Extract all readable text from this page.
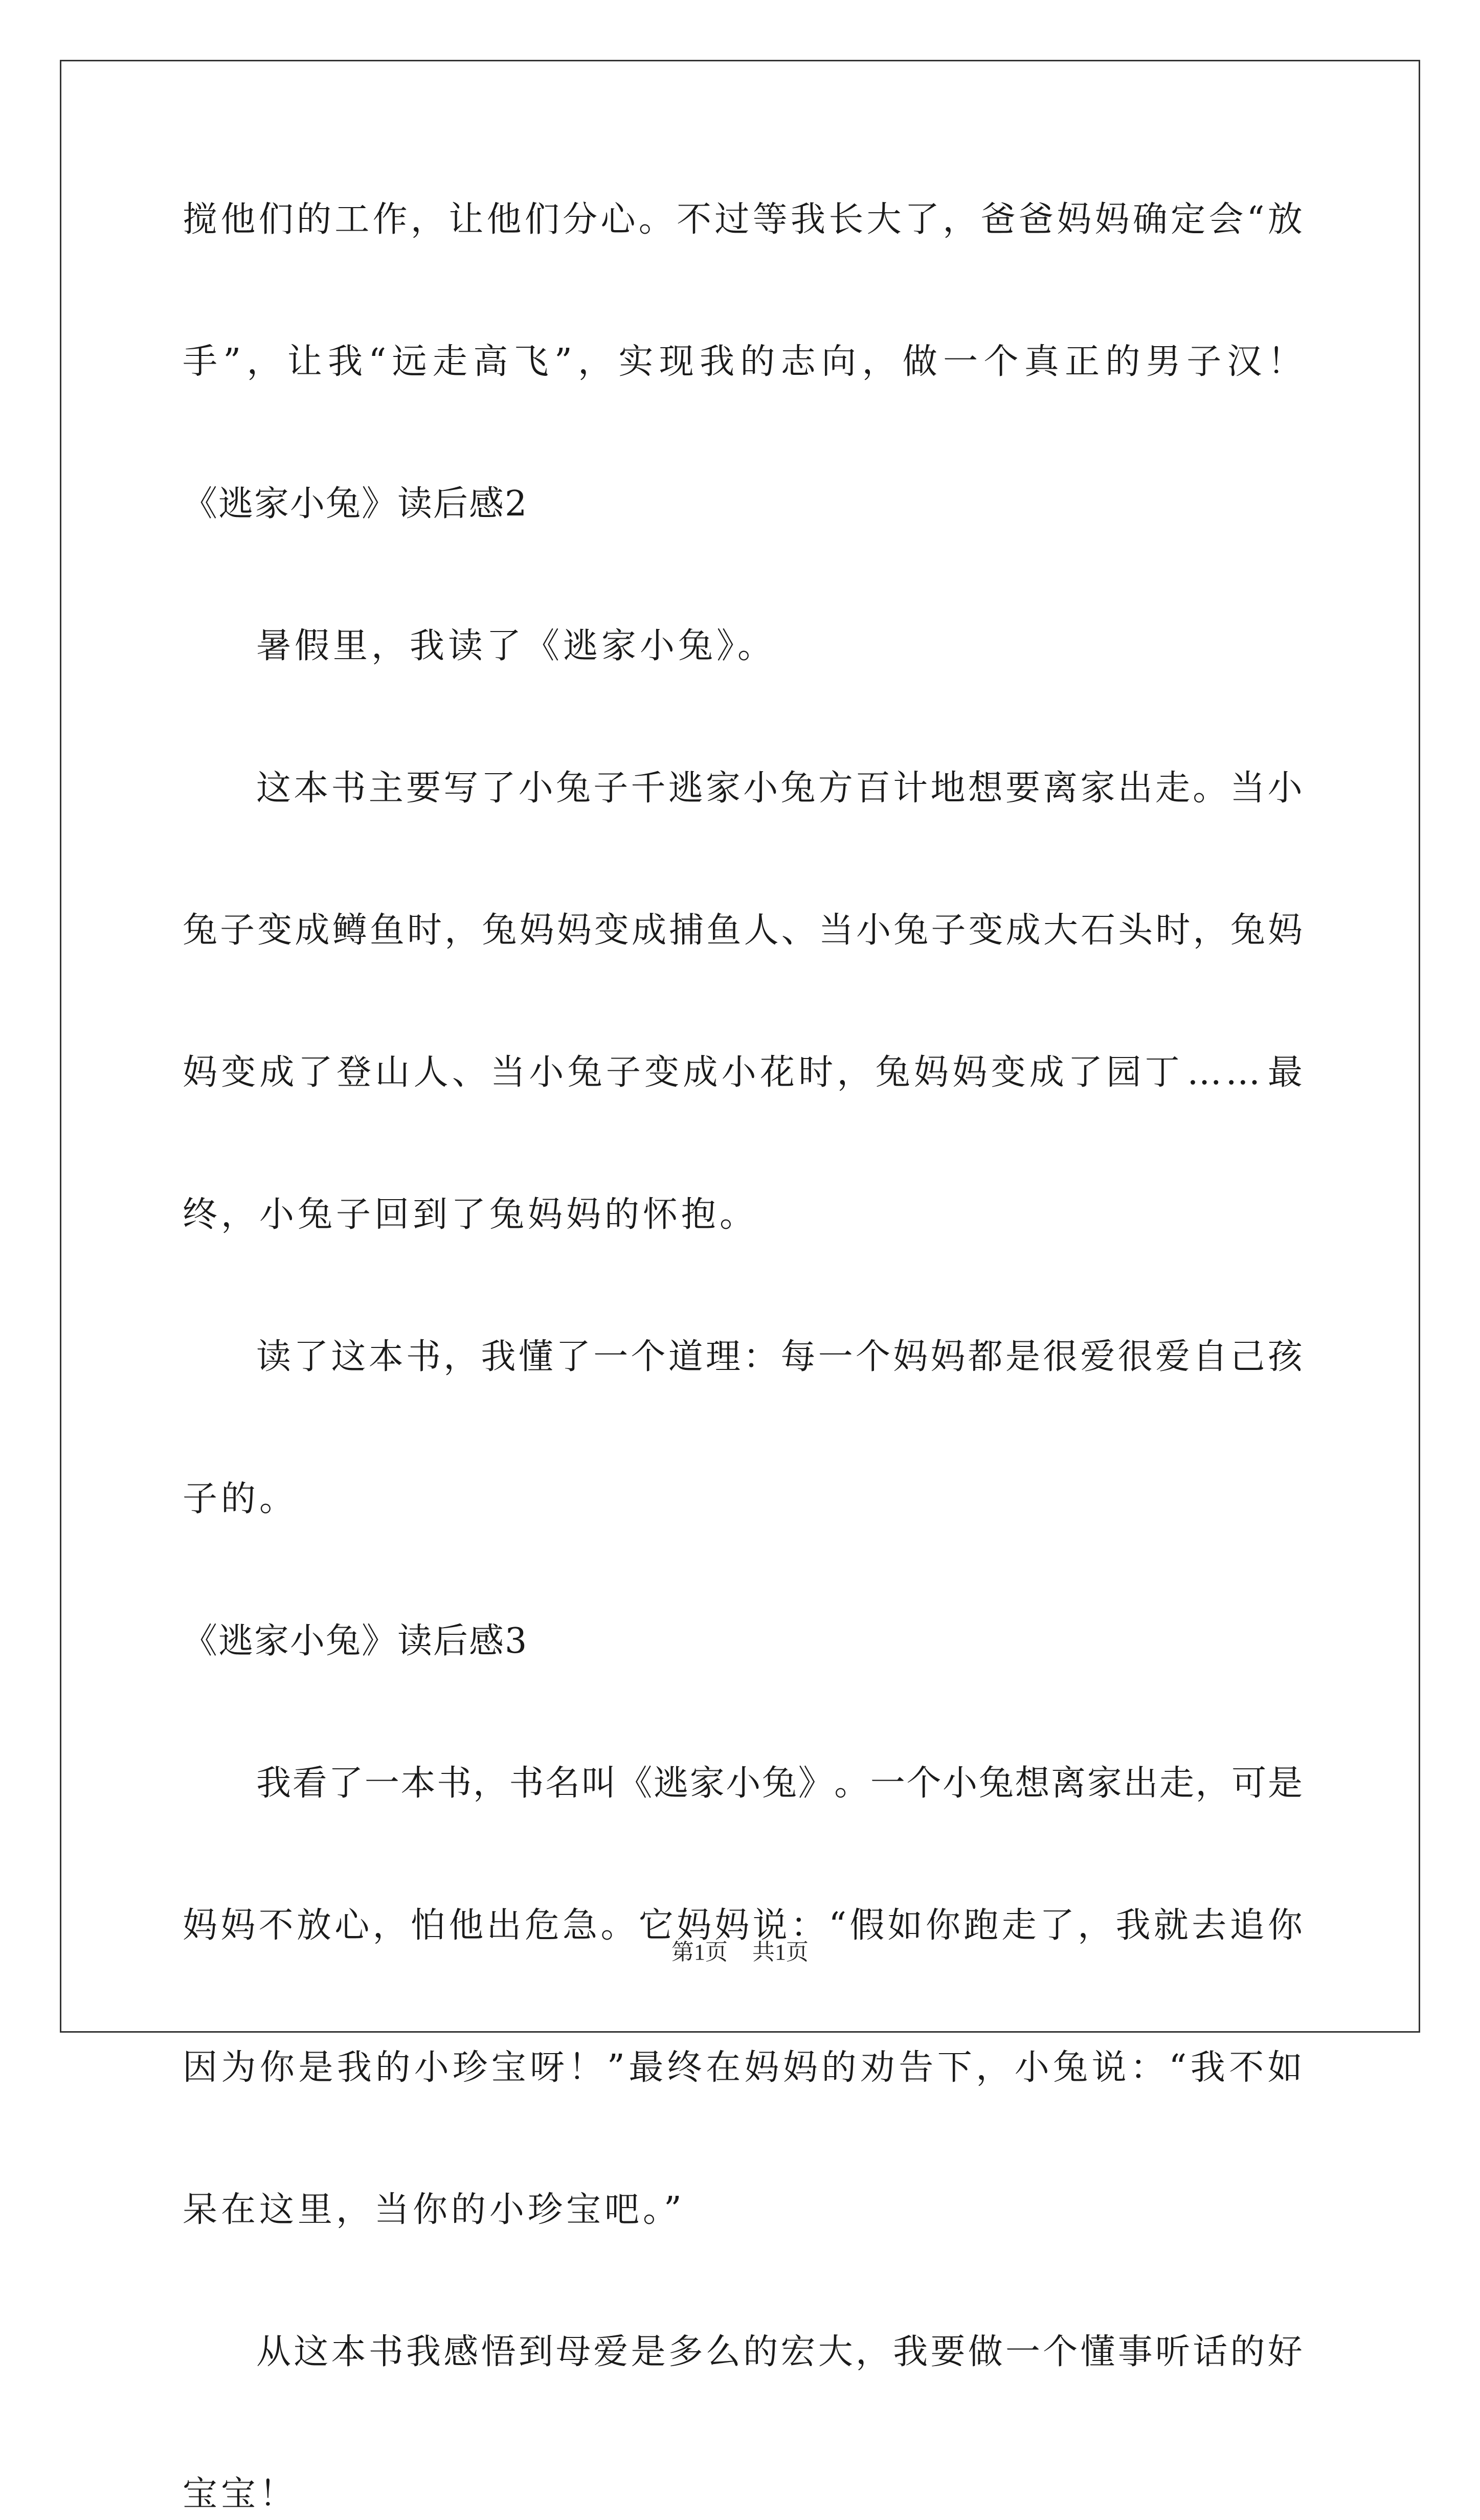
搅 他 们 的 工 作 ， 让 他 们 分 心 。 不 过 等 我 长 大 了 ， 爸 爸 妈 妈 确 定 会 “ 放
手 ” ， 让 我 “ 远 走 高 飞 ” ， 实 现 我 的 志 向 ， 做 一 个 真 正 的 男 子 汉 ！
《逃家小兔》读后感2
暑假里，我读了《逃家小兔》。
这 本 书 主 要 写 了 小 兔 子 千 逃 家 小 兔 方 百 计 地 想 要 离 家 出 走 。 当 小
兔 子 变 成 鳟 鱼 时 ， 兔 妈 妈 变 成 捕 鱼 人 、 当 小 兔 子 变 成 大 石 头 时 ， 兔 妈
妈 变 成 了 登 山 人 、 当 小 兔 子 变 成 小 花 时 ， 兔 妈 妈 变 成 了 园 丁 … … 最
终，小兔子回到了兔妈妈的怀抱。
读 了 这 本 书 ， 我 懂 了 一 个 道 理 ： 每 一 个 妈 妈 都 是 很 爱 很 爱 自 己 孩
子的。
《逃家小兔》读后感3
我 看 了 一 本 书 ， 书 名 叫 《 逃 家 小 兔 》 。 一 个 小 兔 想 离 家 出 走 ， 可 是
妈 妈 不 放 心 ， 怕 他 出 危 急 。 它 妈 妈 说 ： “ 假 如 你 跑 走 了 ， 我 就 去 追 你
因 为 你 是 我 的 小 珍 宝 呀 ！ ” 最 终 在 妈 妈 的 劝 告 下 ， 小 兔 说 ： “ 我 不 如
呆在这里，当你的小珍宝吧。”
从 这 本 书 我 感 悟 到 母 爱 是 多 么 的 宏 大 ， 我 要 做 一 个 懂 事 听 话 的 好
宝宝！
第1页 共1页
